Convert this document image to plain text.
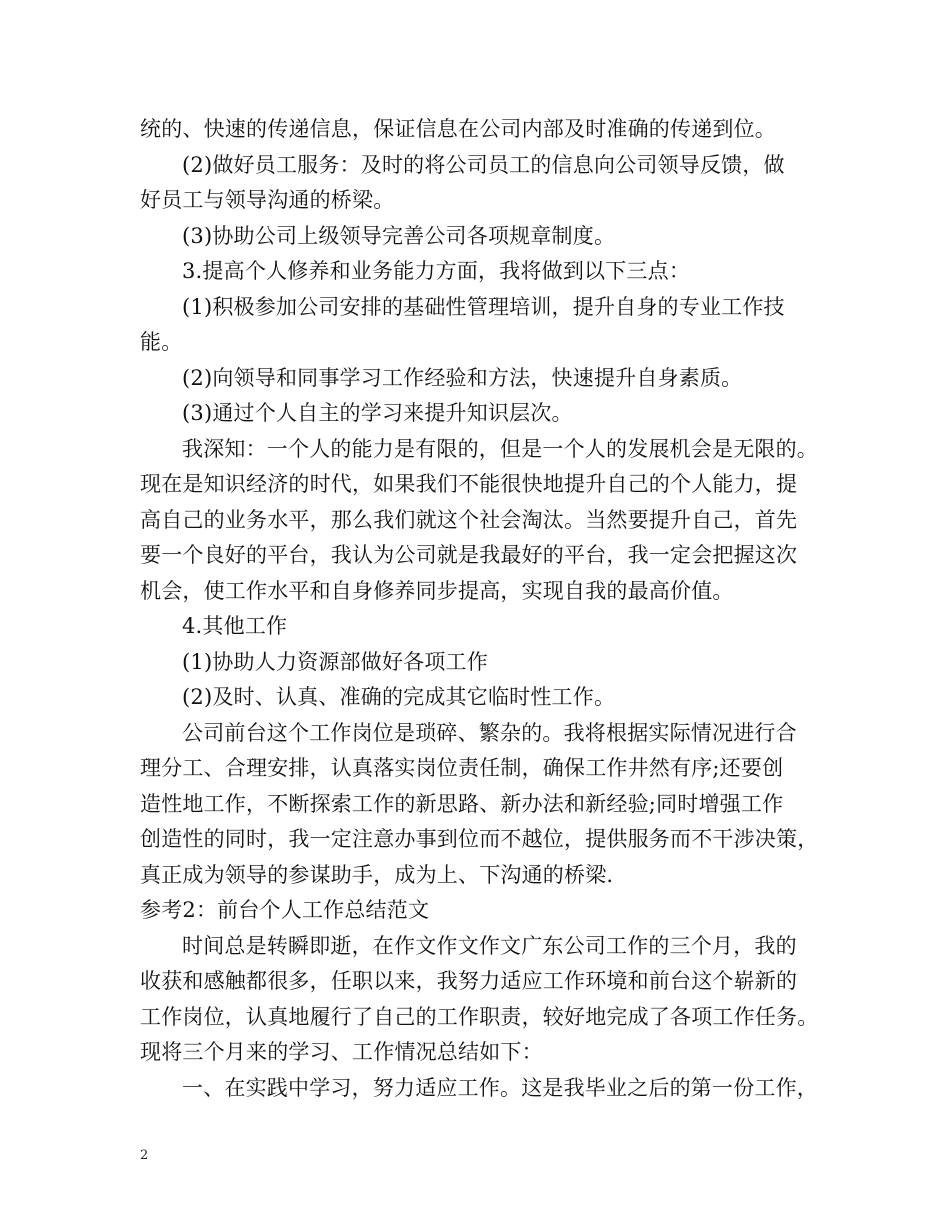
统的、快速的传递信息，保证信息在公司内部及时准确的传递到位。
(2)做好员工服务：及时的将公司员工的信息向公司领导反馈，做
好员工与领导沟通的桥梁。
(3)协助公司上级领导完善公司各项规章制度。
3.提高个人修养和业务能力方面，我将做到以下三点：
(1)积极参加公司安排的基础性管理培训，提升自身的专业工作技
能。
(2)向领导和同事学习工作经验和方法，快速提升自身素质。
(3)通过个人自主的学习来提升知识层次。
我深知：一个人的能力是有限的，但是一个人的发展机会是无限的。
现在是知识经济的时代，如果我们不能很快地提升自己的个人能力，提
高自己的业务水平，那么我们就这个社会淘汰。当然要提升自己，首先
要一个良好的平台，我认为公司就是我最好的平台，我一定会把握这次
机会，使工作水平和自身修养同步提高，实现自我的最高价值。
4.其他工作
(1)协助人力资源部做好各项工作
(2)及时、认真、准确的完成其它临时性工作。
公司前台这个工作岗位是琐碎、繁杂的。我将根据实际情况进行合
理分工、合理安排，认真落实岗位责任制，确保工作井然有序;还要创
造性地工作，不断探索工作的新思路、新办法和新经验;同时增强工作
创造性的同时，我一定注意办事到位而不越位，提供服务而不干涉决策，
真正成为领导的参谋助手，成为上、下沟通的桥梁.
参考2：前台个人工作总结范文
时间总是转瞬即逝，在作文作文作文广东公司工作的三个月，我的
收获和感触都很多，任职以来，我努力适应工作环境和前台这个崭新的
工作岗位，认真地履行了自己的工作职责，较好地完成了各项工作任务。
现将三个月来的学习、工作情况总结如下：
一、在实践中学习，努力适应工作。这是我毕业之后的第一份工作，
2
